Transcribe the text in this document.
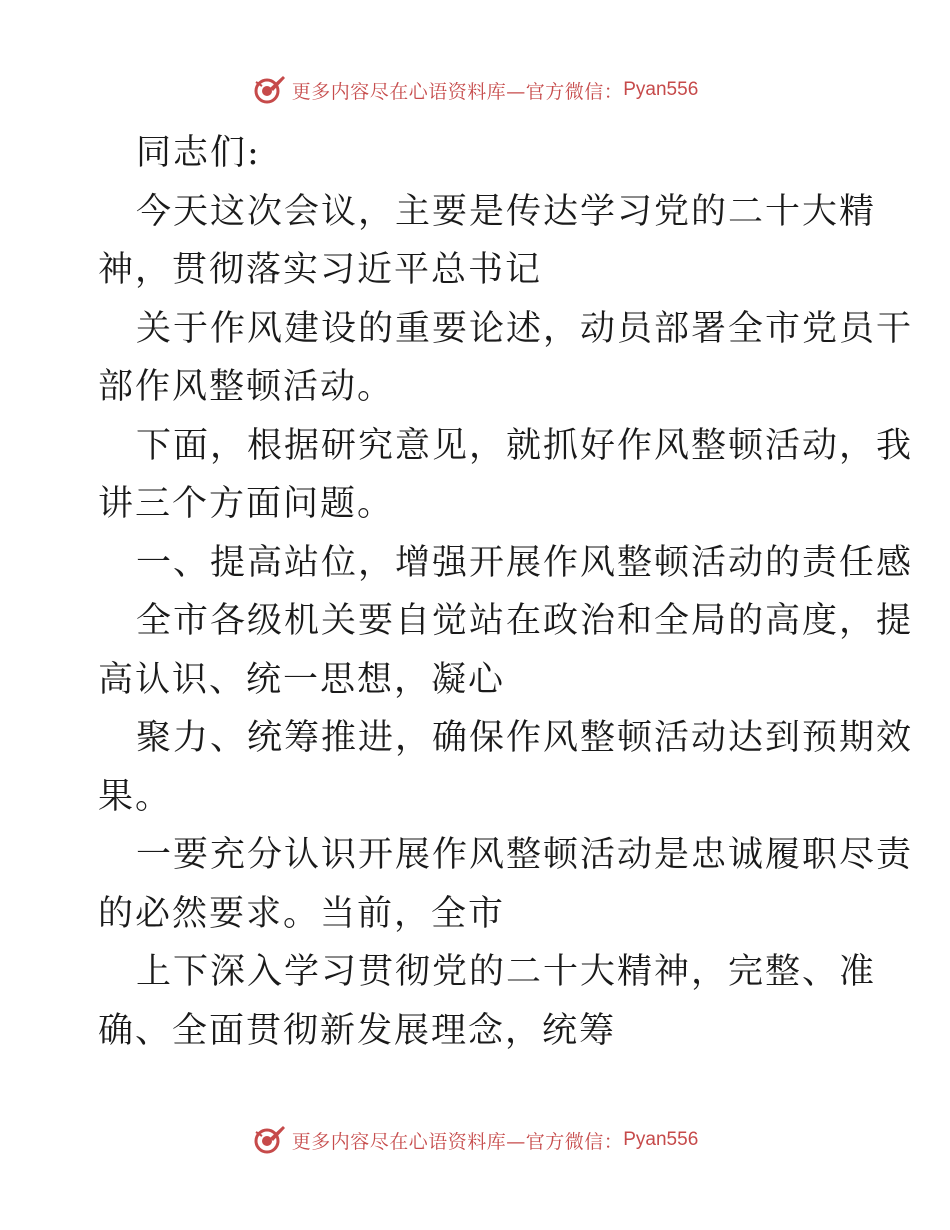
更多内容尽在心语资料库—官方微信： Pyan556
同志们:
今天这次会议，主要是传达学习党的二十大精
神，贯彻落实习近平总书记
关于作风建设的重要论述，动员部署全市党员干
部作风整顿活动。
下面，根据研究意见，就抓好作风整顿活动，我
讲三个方面问题。
一、提高站位，增强开展作风整顿活动的责任感
全市各级机关要自觉站在政治和全局的高度，提
高认识、统一思想，凝心
聚力、统筹推进，确保作风整顿活动达到预期效
果。
一要充分认识开展作风整顿活动是忠诚履职尽责
的必然要求。当前，全市
上下深入学习贯彻党的二十大精神，完整、准
确、全面贯彻新发展理念，统筹
更多内容尽在心语资料库—官方微信： Pyan556
